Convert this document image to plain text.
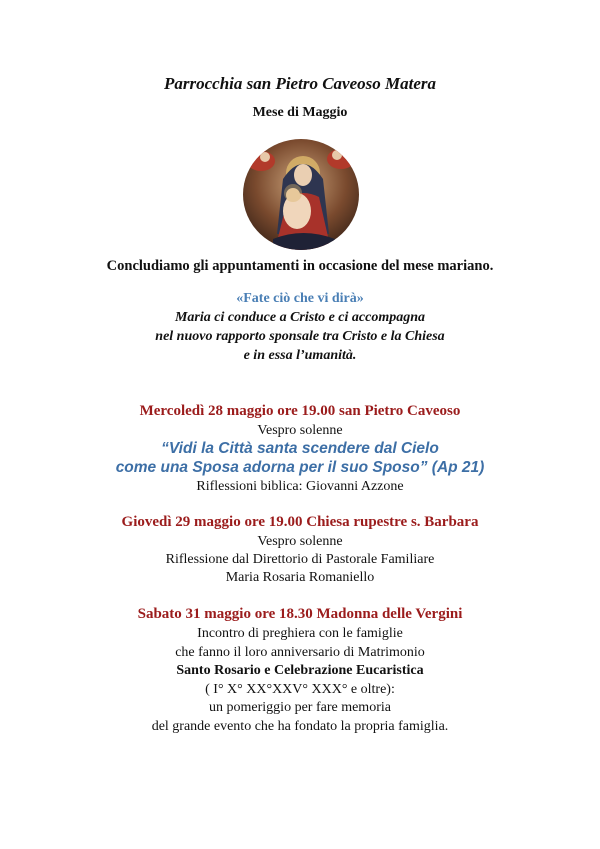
Parrocchia san Pietro Caveoso Matera
Mese di Maggio
Concludiamo gli appuntamenti in occasione del mese mariano.
«Fate ciò che vi dirà»
Maria ci conduce a Cristo e ci accompagna
nel nuovo rapporto sponsale tra Cristo e la Chiesa
e in essa l’umanità.
Mercoledì 28 maggio ore 19.00 san Pietro Caveoso
Vespro solenne
“Vidi la Città santa scendere dal Cielo
come una Sposa adorna per il suo Sposo” (Ap 21)
Riflessioni biblica: Giovanni Azzone
Giovedì 29 maggio ore 19.00 Chiesa rupestre s. Barbara
Vespro solenne
Riflessione dal Direttorio di Pastorale Familiare
Maria Rosaria Romaniello
Sabato 31 maggio ore 18.30 Madonna delle Vergini
Incontro di preghiera con le famiglie
che fanno il loro anniversario di Matrimonio
Santo Rosario e Celebrazione Eucaristica
( I° X° XX°XXV° XXX° e oltre):
un pomeriggio per fare memoria
del grande evento che ha fondato la propria famiglia.
